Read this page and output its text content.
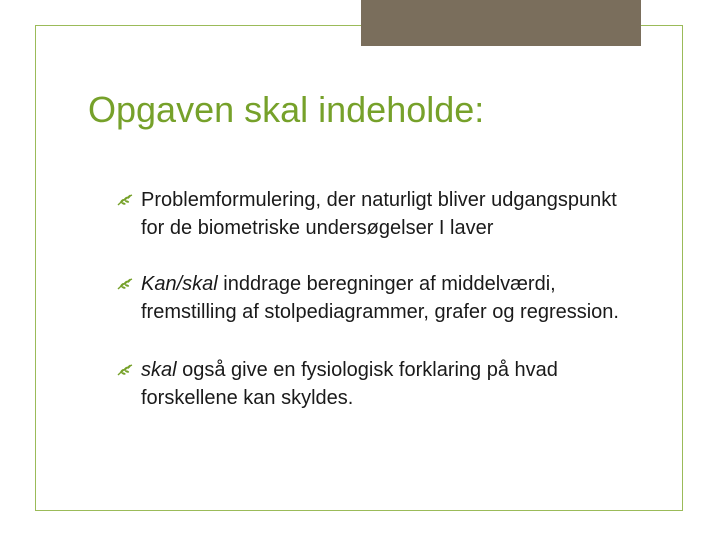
Opgaven skal indeholde:
Problemformulering, der naturligt bliver udgangspunkt for de biometriske undersøgelser I laver
Kan/skal inddrage beregninger af middelværdi, fremstilling af stolpediagrammer, grafer og regression.
skal også give en fysiologisk forklaring på hvad forskellene kan skyldes.
